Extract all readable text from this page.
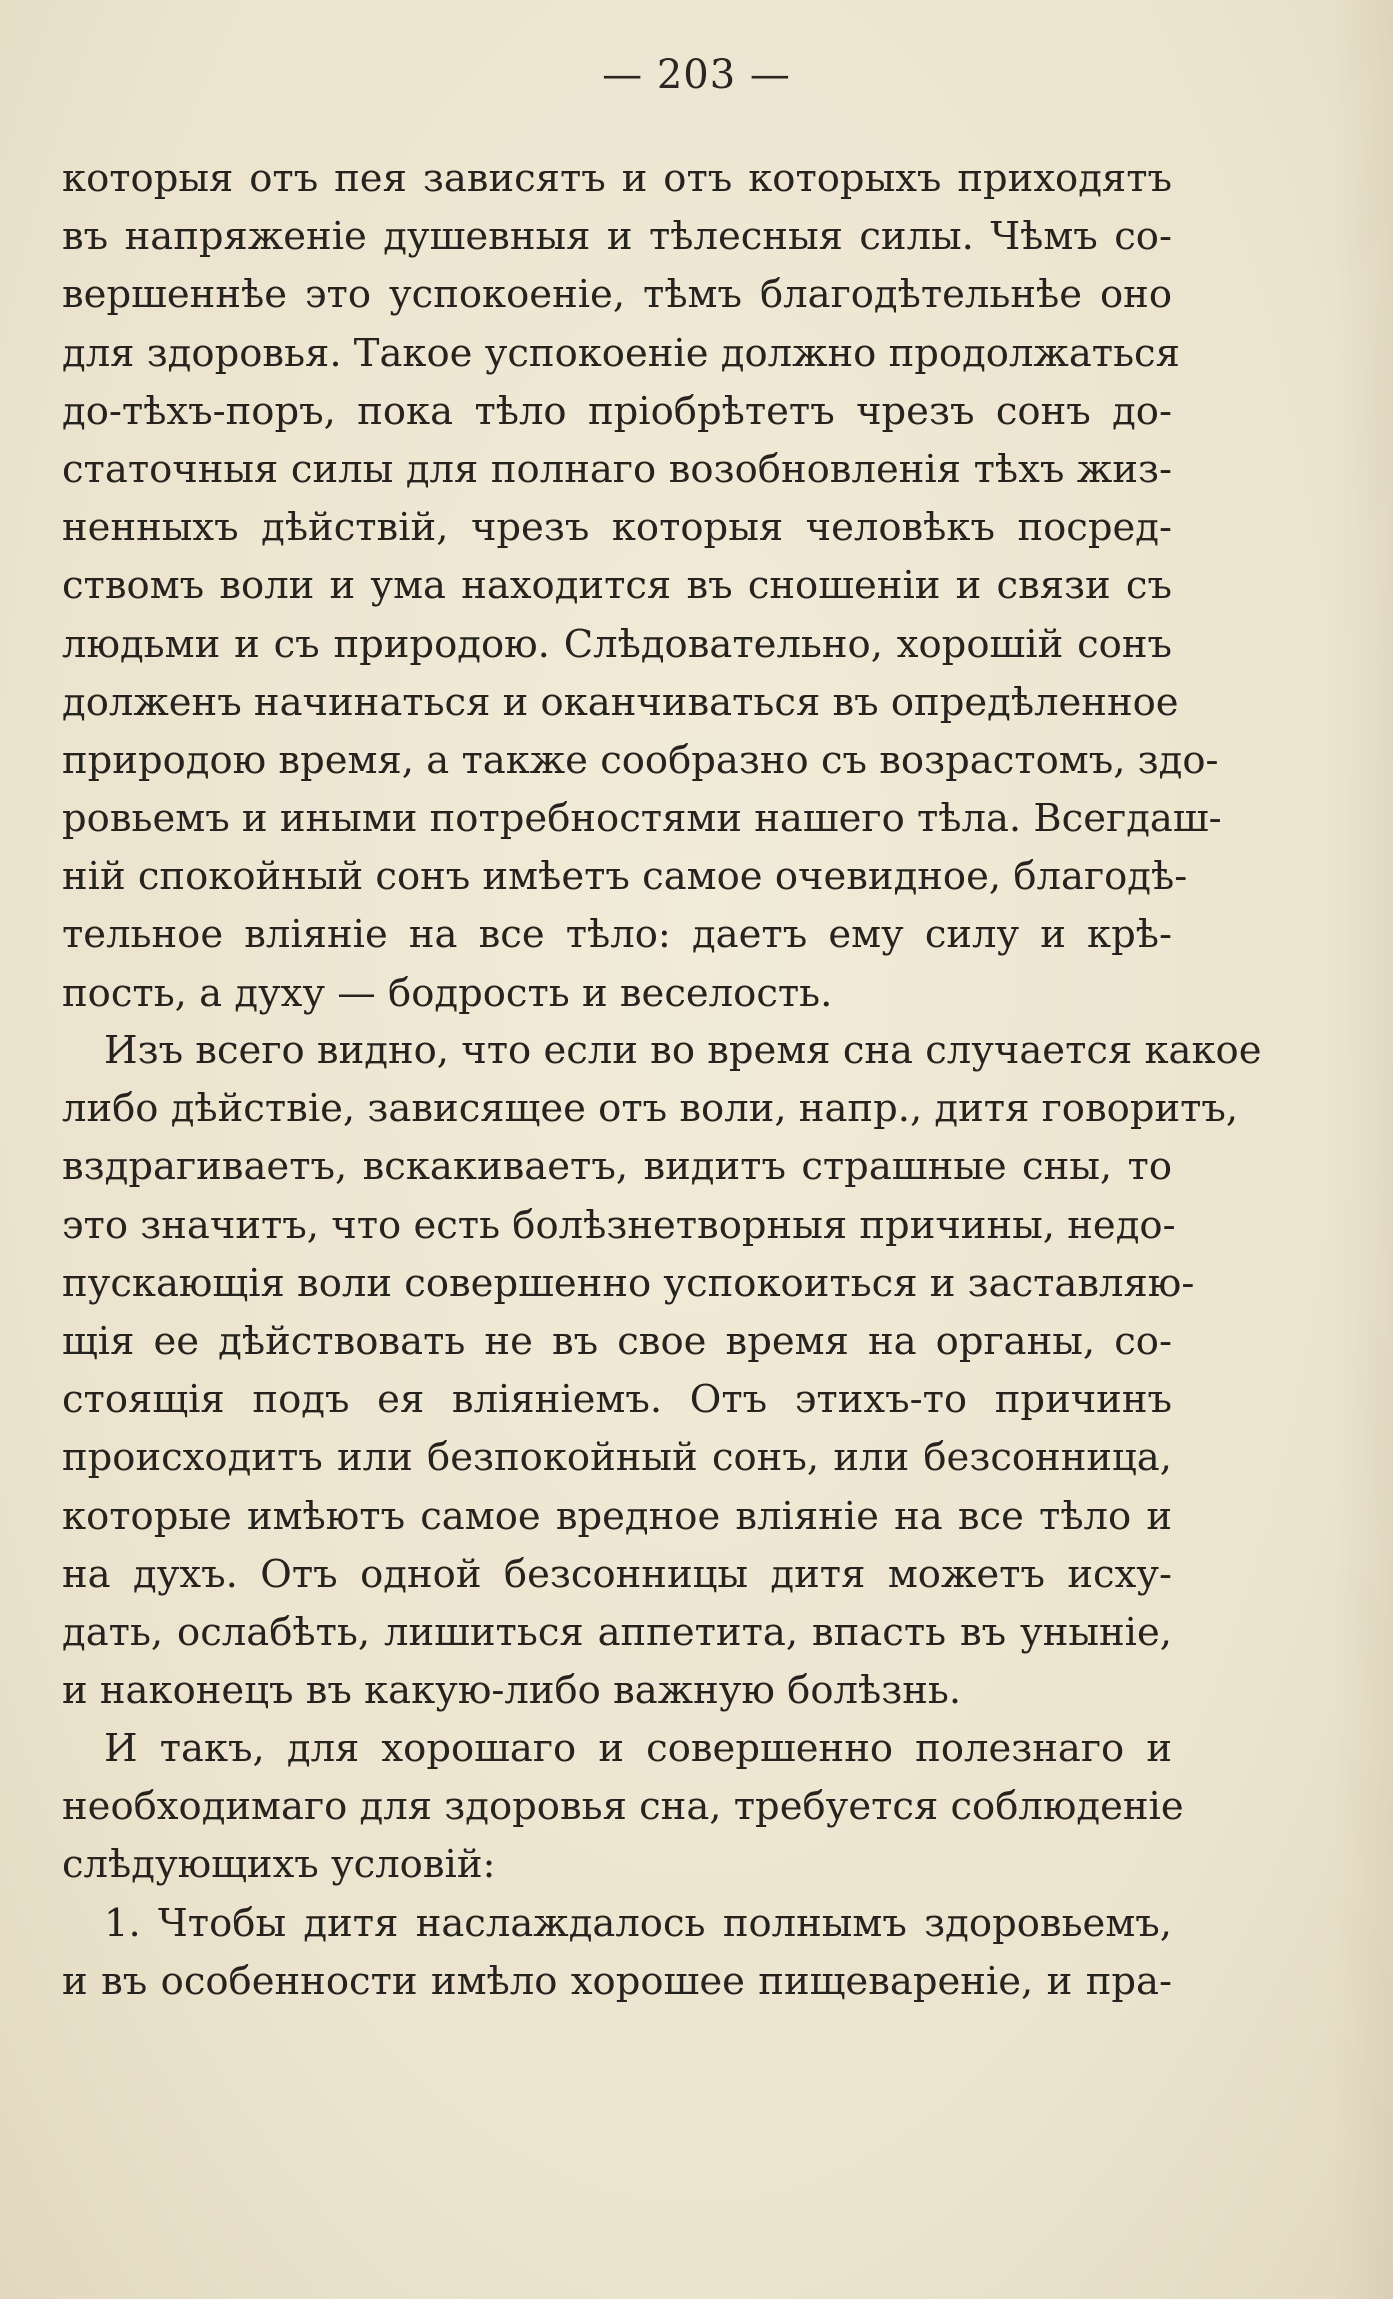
— 203 —
которыя отъ пея зависятъ и отъ которыхъ приходятъ
въ напряженіе душевныя и тѣлесныя силы. Чѣмъ со-
вершеннѣе это успокоеніе, тѣмъ благодѣтельнѣе оно
для здоровья. Такое успокоеніе должно продолжаться
до-тѣхъ-поръ, пока тѣло пріобрѣтетъ чрезъ сонъ до-
статочныя силы для полнаго возобновленія тѣхъ жиз-
ненныхъ дѣйствій, чрезъ которыя человѣкъ посред-
ствомъ воли и ума находится въ сношеніи и связи съ
людьми и съ природою. Слѣдовательно, хорошій сонъ
долженъ начинаться и оканчиваться въ опредѣленное
природою время, а также сообразно съ возрастомъ, здо-
ровьемъ и иными потребностями нашего тѣла. Всегдаш-
ній спокойный сонъ имѣетъ самое очевидное, благодѣ-
тельное вліяніе на все тѣло: даетъ ему силу и крѣ-
пость, а духу — бодрость и веселость.
Изъ всего видно, что если во время сна случается какое
либо дѣйствіе, зависящее отъ воли, напр., дитя говоритъ,
вздрагиваетъ, вскакиваетъ, видитъ страшные сны, то
это значитъ, что есть болѣзнетворныя причины, недо-
пускающія воли совершенно успокоиться и заставляю-
щія ее дѣйствовать не въ свое время на органы, со-
стоящія подъ ея вліяніемъ. Отъ этихъ-то причинъ
происходитъ или безпокойный сонъ, или безсонница,
которые имѣютъ самое вредное вліяніе на все тѣло и
на духъ. Отъ одной безсонницы дитя можетъ исху-
дать, ослабѣть, лишиться аппетита, впасть въ уныніе,
и наконецъ въ какую-либо важную болѣзнь.
И такъ, для хорошаго и совершенно полезнаго и
необходимаго для здоровья сна, требуется соблюденіе
слѣдующихъ условій:
1. Чтобы дитя наслаждалось полнымъ здоровьемъ,
и въ особенности имѣло хорошее пищевареніе, и пра-
